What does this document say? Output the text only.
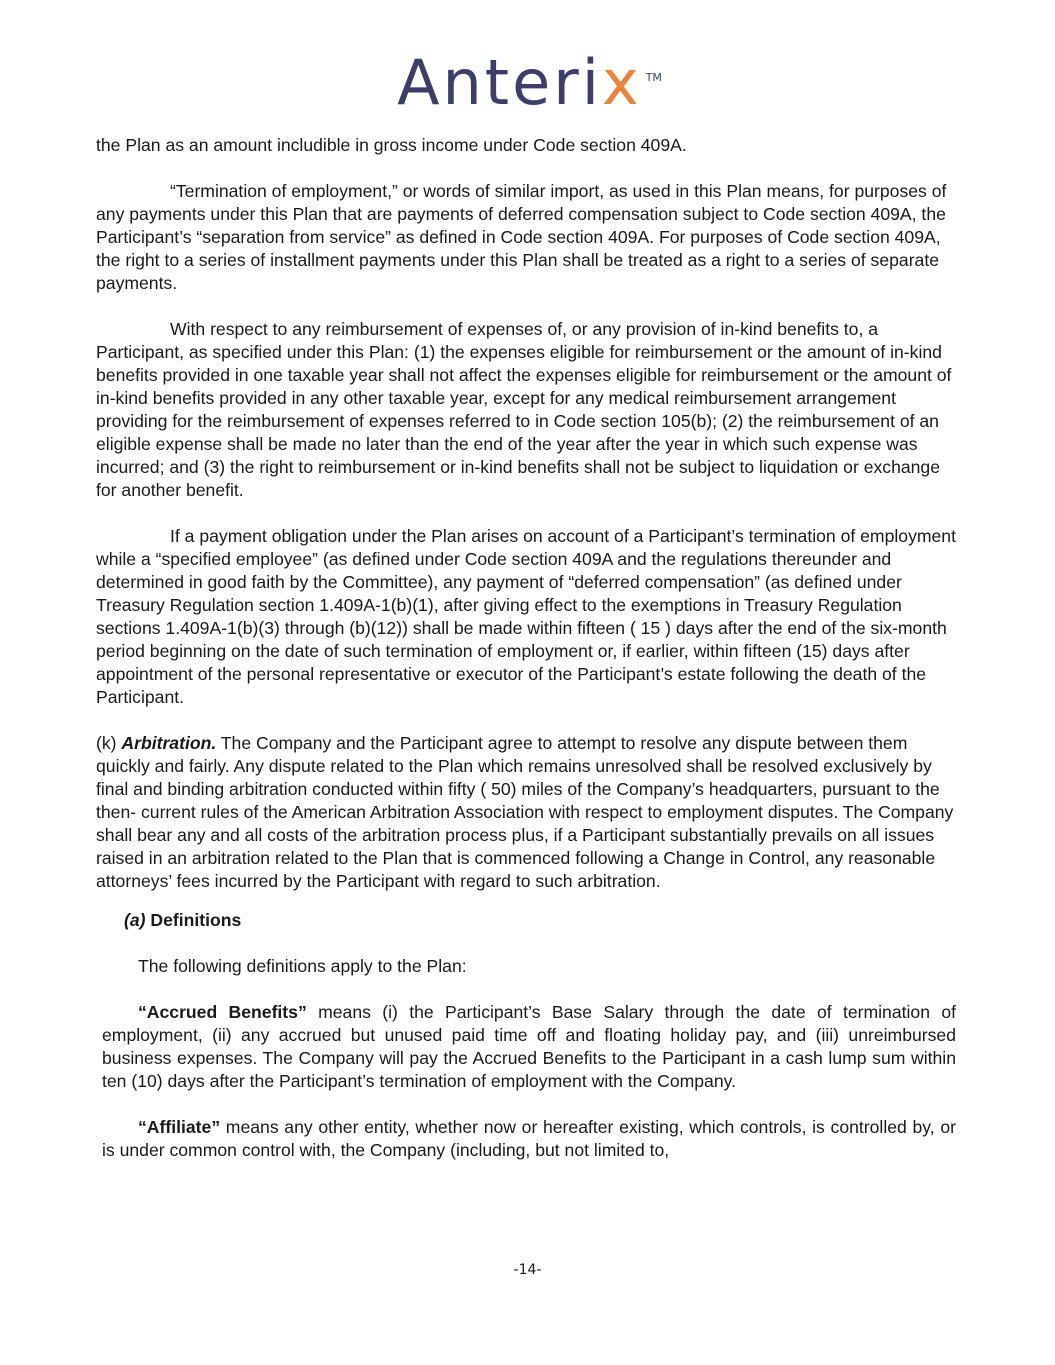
Anterix ™

the Plan as an amount includible in gross income under Code section 409A.

“Termination of employment,” or words of similar import, as used in this Plan means, for purposes of any payments under this Plan that are payments of deferred compensation subject to Code section 409A, the Participant’s “separation from service” as defined in Code section 409A. For purposes of Code section 409A, the right to a series of installment payments under this Plan shall be treated as a right to a series of separate payments.

With respect to any reimbursement of expenses of, or any provision of in-kind benefits to, a Participant, as specified under this Plan: (1) the expenses eligible for reimbursement or the amount of in-kind benefits provided in one taxable year shall not affect the expenses eligible for reimbursement or the amount of in-kind benefits provided in any other taxable year, except for any medical reimbursement arrangement providing for the reimbursement of expenses referred to in Code section 105(b); (2) the reimbursement of an eligible expense shall be made no later than the end of the year after the year in which such expense was incurred; and (3) the right to reimbursement or in-kind benefits shall not be subject to liquidation or exchange for another benefit.

If a payment obligation under the Plan arises on account of a Participant’s termination of employment while a “specified employee” (as defined under Code section 409A and the regulations thereunder and determined in good faith by the Committee), any payment of “deferred compensation” (as defined under Treasury Regulation section 1.409A-1(b)(1), after giving effect to the exemptions in Treasury Regulation sections 1.409A-1(b)(3) through (b)(12)) shall be made within fifteen ( 15 ) days after the end of the six-month period beginning on the date of such termination of employment or, if earlier, within fifteen (15) days after appointment of the personal representative or executor of the Participant’s estate following the death of the Participant.

(k) Arbitration. The Company and the Participant agree to attempt to resolve any dispute between them quickly and fairly. Any dispute related to the Plan which remains unresolved shall be resolved exclusively by final and binding arbitration conducted within fifty ( 50) miles of the Company’s headquarters, pursuant to the then- current rules of the American Arbitration Association with respect to employment disputes. The Company shall bear any and all costs of the arbitration process plus, if a Participant substantially prevails on all issues raised in an arbitration related to the Plan that is commenced following a Change in Control, any reasonable attorneys’ fees incurred by the Participant with regard to such arbitration.

(a) Definitions

The following definitions apply to the Plan:

“Accrued Benefits” means (i) the Participant’s Base Salary through the date of termination of employment, (ii) any accrued but unused paid time off and floating holiday pay, and (iii) unreimbursed business expenses. The Company will pay the Accrued Benefits to the Participant in a cash lump sum within ten (10) days after the Participant’s termination of employment with the Company.

“Affiliate” means any other entity, whether now or hereafter existing, which controls, is controlled by, or is under common control with, the Company (including, but not limited to,

-14-
